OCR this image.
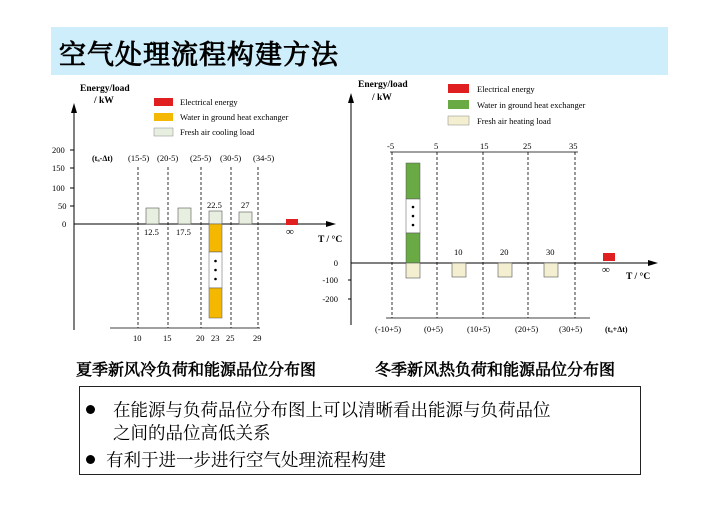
空气处理流程构建方法
Energy/load
/ kW	Electrical energy
Water in ground heat exchanger
Fresh air cooling load
200
150
100
50
0
(tₐ-Δt) (15-5) (20-5) (25-5) (30-5) (34-5)
12.5 17.5
22.5 27
∞
T / °C
10	15	20 23 25 29
Energy/load
/ kW
Electrical energy
Water in ground heat exchanger
Fresh air heating load
-5	5	15	25	35
0
-100
-200
10	20	30
∞
T / °C
(-10+5)	(0+5)	(10+5)	(20+5) (30+5)	(tₐ+Δt)
夏季新风冷负荷和能源品位分布图	冬季新风热负荷和能源品位分布图
在能源与负荷品位分布图上可以清晰看出能源与负荷品位
之间的品位高低关系
有利于进一步进行空气处理流程构建
